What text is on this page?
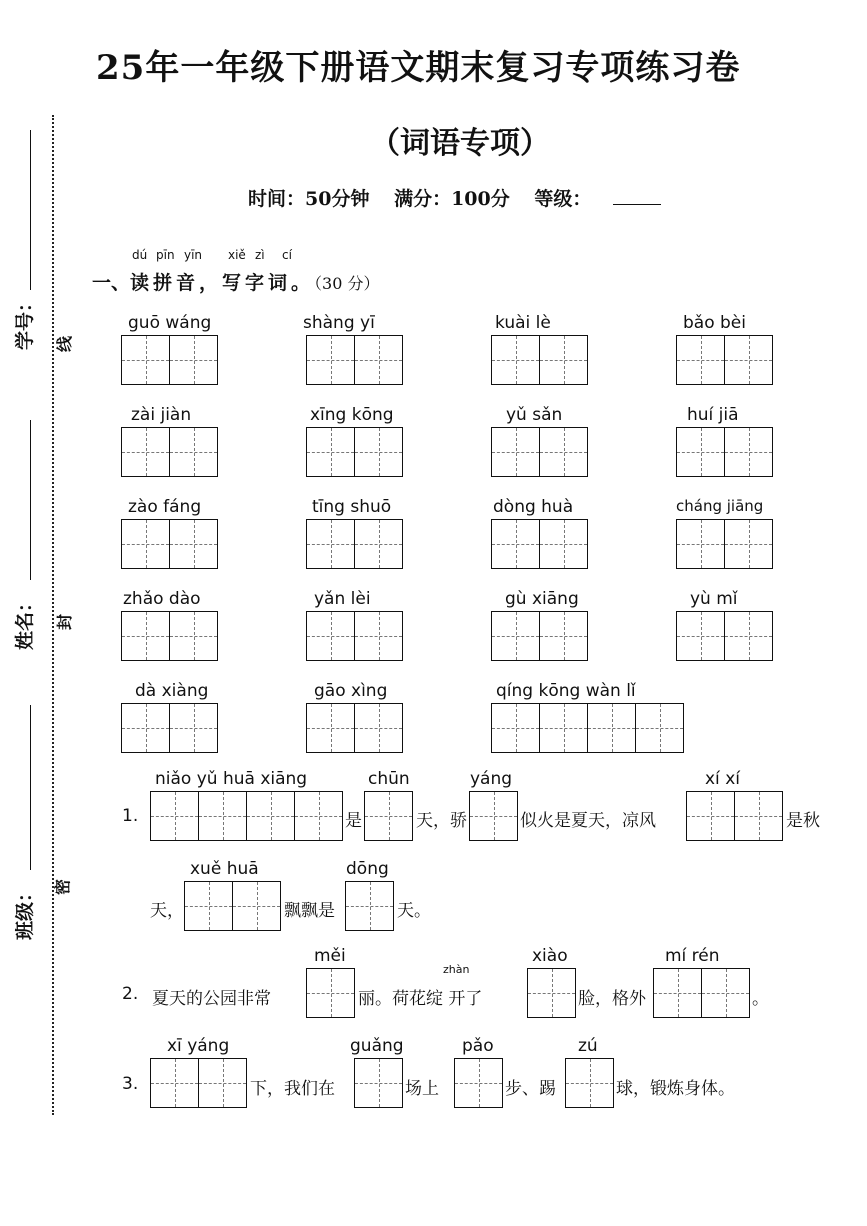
25年一年级下册语文期末复习专项练习卷
（词语专项）
时间：50分钟 满分：100分 等级：
学号： 线
姓名： 封
班级： 密
dú pīn yīn xiě zì cí
一、读拼音，写字词。（30 分）
guō wáng	shàng yī	kuài lè	bǎo bèi
zài jiàn	xīng kōng	yǔ sǎn	huí jiā
zào fáng	tīng shuō	dòng huà	cháng jiāng
zhǎo dào	yǎn lèi	gù xiāng	yù mǐ
dà xiàng	gāo xìng	qíng kōng wàn lǐ
niǎo yǔ huā xiāng	chūn	yáng	xí xí
1.	是	天，骄	似火是夏天，凉风	是秋
xuě huā	dōng
天，	飘飘是	天。
měi
zhàn
xiào	mí rén
2. 夏天的公园非常	丽。荷花绽 开了	脸，格外	。
xī yáng	guǎng	pǎo	zú
3.	下，我们在	场上	步、踢	球，锻炼身体。
